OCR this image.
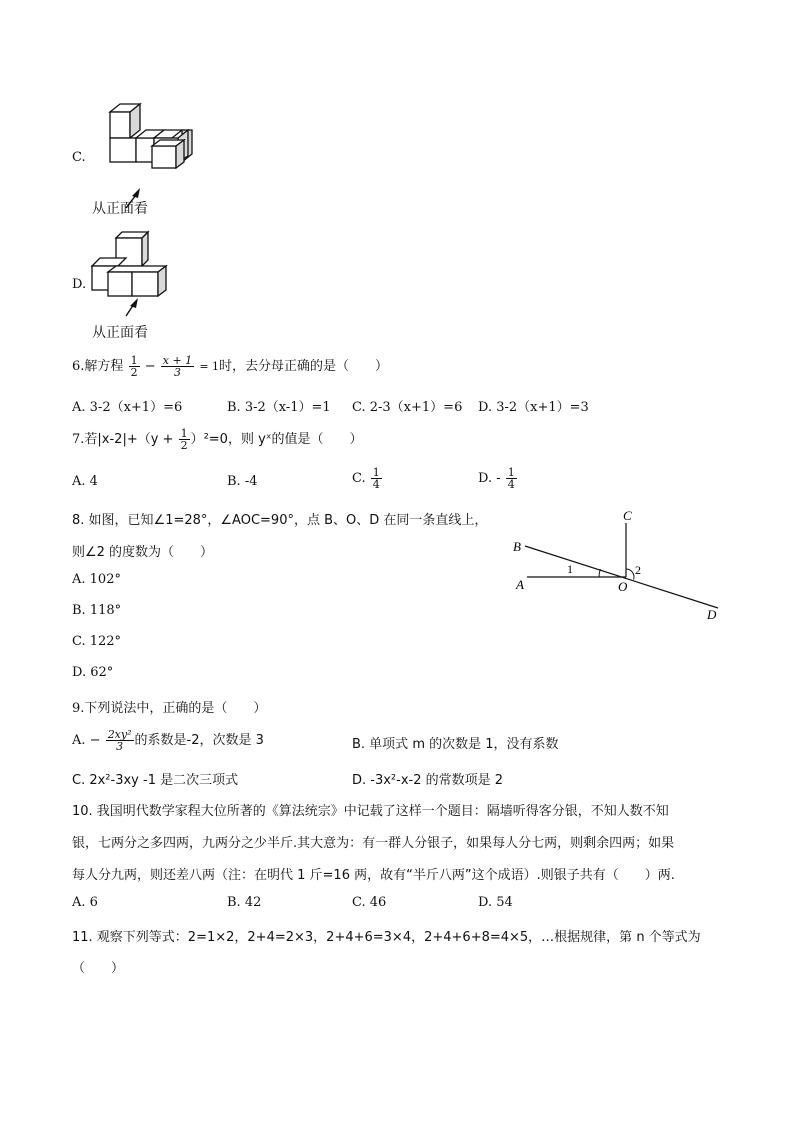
C.
从正面看
D.
从正面看
6.解方程 $\frac{1}{2} - \frac{x + 1}{3} = 1$时，去分母正确的是（　　）
A. 3-2（x+1）=6	B. 3-2（x-1）=1 C. 2-3（x+1）=6 D. 3-2（x+1）=3
7.若$|x-2|+(y + \frac{1}{2} )^2=0$，则 yˣ的值是（　　）
A. 4	B. -4	C. $\frac{1}{4}$	D. - $\frac{1}{4}$
8. 如图，已知∠1=28°，∠AOC=90°，点 B、O、D 在同一条直线上，
则∠2 的度数为（　　）
A. 102°
B. 118°
C. 122°
D. 62°
C
B
A	O
D
1	2
9.下列说法中，正确的是（　　）
A. − $\frac{\text{2xy²}}{3}$ 的系数是-2，次数是 3	B. 单项式 m 的次数是 1，没有系数
C. 2x²-3xy -1 是二次三项式	D. -3x²-x-2 的常数项是 2
10. 我国明代数学家程大位所著的《算法统宗》中记载了这样一个题目：隔墙听得客分银，不知人数不知
银，七两分之多四两，九两分之少半斤.其大意为：有一群人分银子，如果每人分七两，则剩余四两；如果
每人分九两，则还差八两（注：在明代 1 斤=16 两，故有“半斤八两”这个成语）.则银子共有（　　）两.
A. 6	B. 42	C. 46	D. 54
11. 观察下列等式：2=1×2，2+4=2×3，2+4+6=3×4，2+4+6+8=4×5，…根据规律，第 n 个等式为
（　　）
